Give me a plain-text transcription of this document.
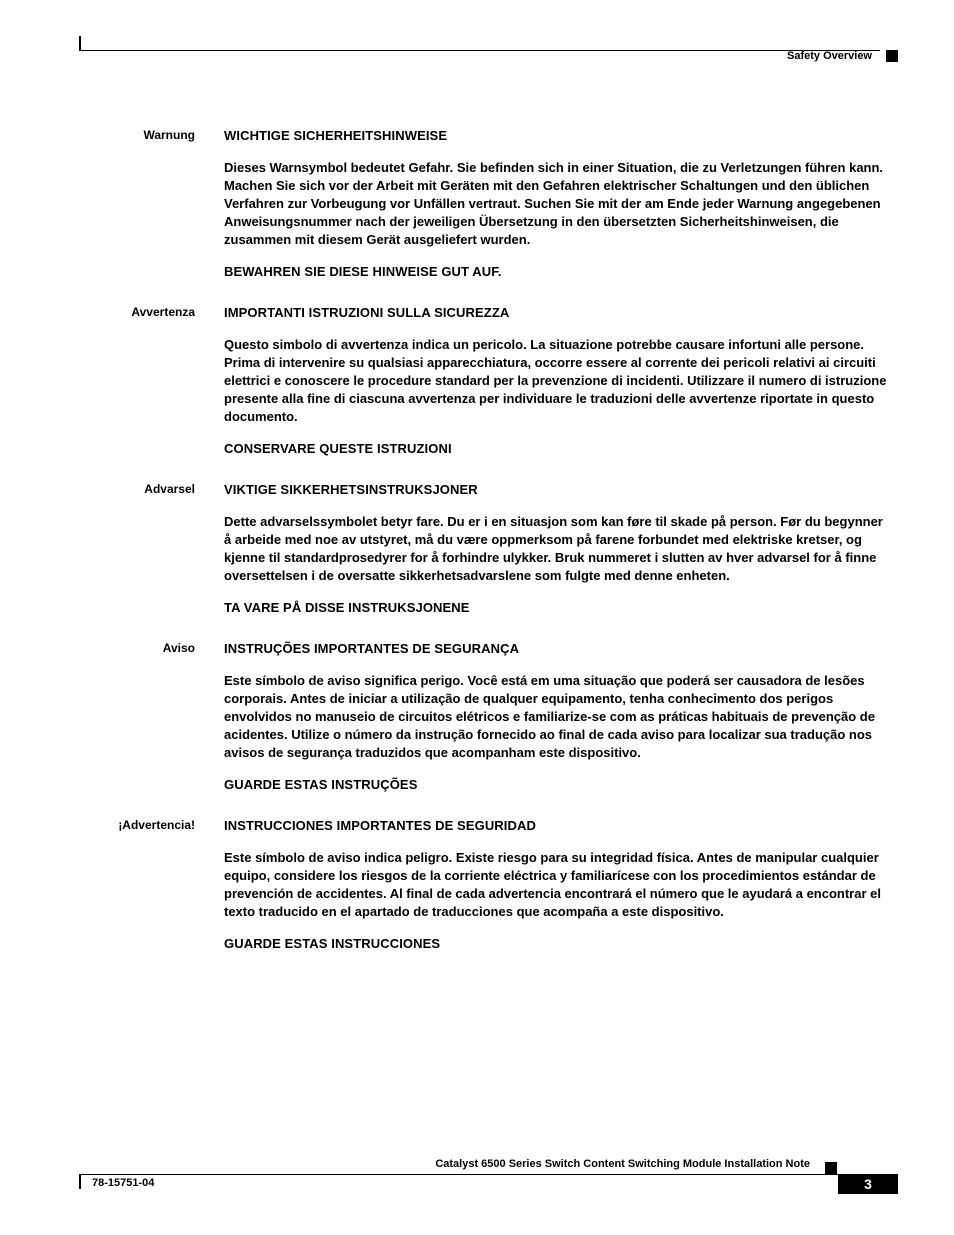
Safety Overview
Warnung WICHTIGE SICHERHEITSHINWEISE

Dieses Warnsymbol bedeutet Gefahr. Sie befinden sich in einer Situation, die zu Verletzungen führen kann. Machen Sie sich vor der Arbeit mit Geräten mit den Gefahren elektrischer Schaltungen und den üblichen Verfahren zur Vorbeugung vor Unfällen vertraut. Suchen Sie mit der am Ende jeder Warnung angegebenen Anweisungsnummer nach der jeweiligen Übersetzung in den übersetzten Sicherheitshinweisen, die zusammen mit diesem Gerät ausgeliefert wurden.

BEWAHREN SIE DIESE HINWEISE GUT AUF.

Avvertenza IMPORTANTI ISTRUZIONI SULLA SICUREZZA

Questo simbolo di avvertenza indica un pericolo. La situazione potrebbe causare infortuni alle persone. Prima di intervenire su qualsiasi apparecchiatura, occorre essere al corrente dei pericoli relativi ai circuiti elettrici e conoscere le procedure standard per la prevenzione di incidenti. Utilizzare il numero di istruzione presente alla fine di ciascuna avvertenza per individuare le traduzioni delle avvertenze riportate in questo documento.

CONSERVARE QUESTE ISTRUZIONI

Advarsel VIKTIGE SIKKERHETSINSTRUKSJONER

Dette advarselssymbolet betyr fare. Du er i en situasjon som kan føre til skade på person. Før du begynner å arbeide med noe av utstyret, må du være oppmerksom på farene forbundet med elektriske kretser, og kjenne til standardprosedyrer for å forhindre ulykker. Bruk nummeret i slutten av hver advarsel for å finne oversettelsen i de oversatte sikkerhetsadvarslene som fulgte med denne enheten.

TA VARE PÅ DISSE INSTRUKSJONENE

Aviso INSTRUÇÕES IMPORTANTES DE SEGURANÇA

Este símbolo de aviso significa perigo. Você está em uma situação que poderá ser causadora de lesões corporais. Antes de iniciar a utilização de qualquer equipamento, tenha conhecimento dos perigos envolvidos no manuseio de circuitos elétricos e familiarize-se com as práticas habituais de prevenção de acidentes. Utilize o número da instrução fornecido ao final de cada aviso para localizar sua tradução nos avisos de segurança traduzidos que acompanham este dispositivo.

GUARDE ESTAS INSTRUÇÕES

¡Advertencia! INSTRUCCIONES IMPORTANTES DE SEGURIDAD

Este símbolo de aviso indica peligro. Existe riesgo para su integridad física. Antes de manipular cualquier equipo, considere los riesgos de la corriente eléctrica y familiarícese con los procedimientos estándar de prevención de accidentes. Al final de cada advertencia encontrará el número que le ayudará a encontrar el texto traducido en el apartado de traducciones que acompaña a este dispositivo.

GUARDE ESTAS INSTRUCCIONES

Catalyst 6500 Series Switch Content Switching Module Installation Note
78-15751-04	3
